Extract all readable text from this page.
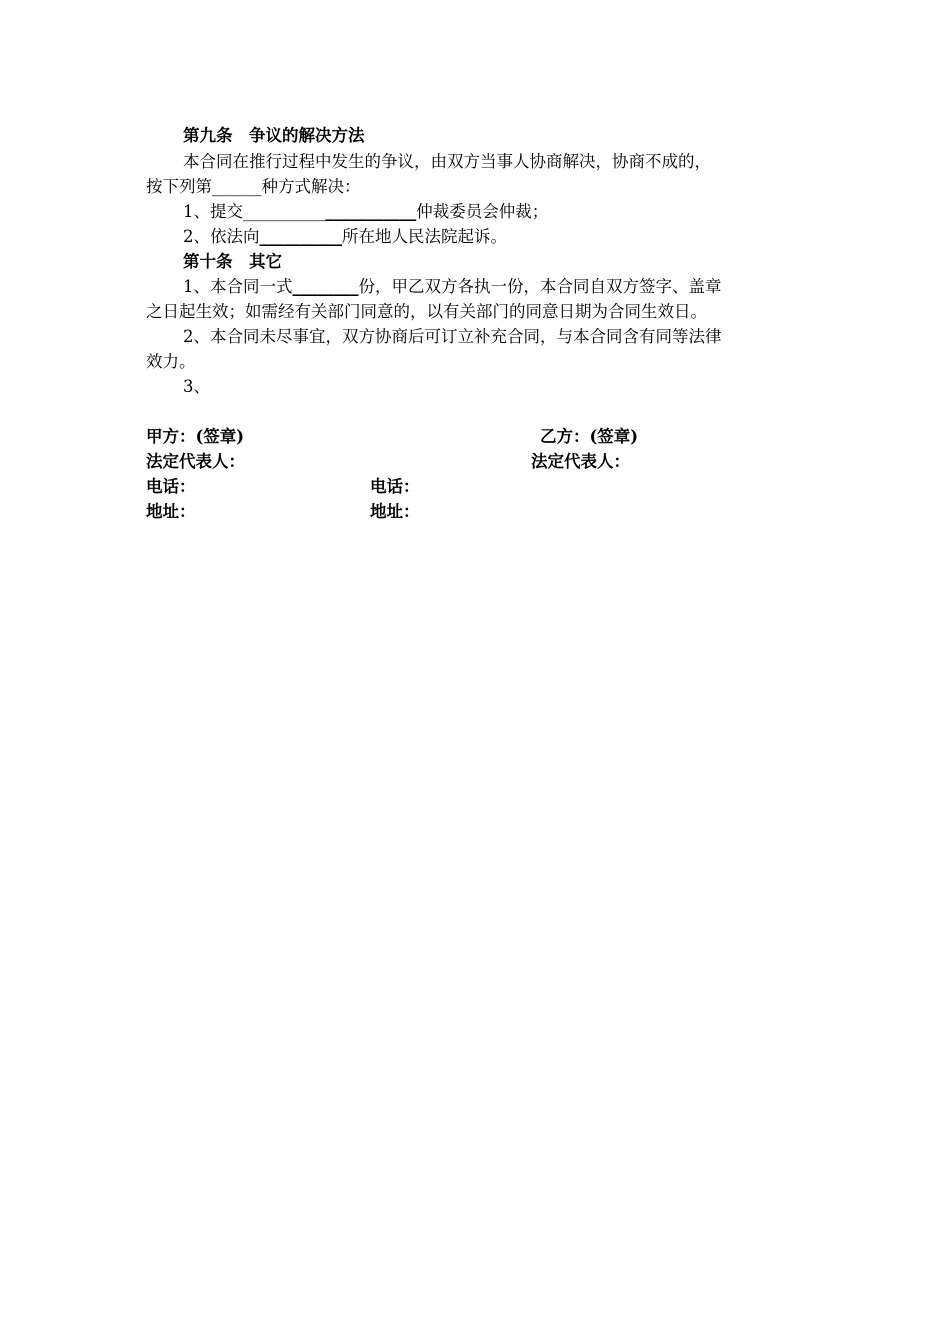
第九条　争议的解决方法
本合同在推行过程中发生的争议，由双方当事人协商解决，协商不成的，
按下列第______种方式解决：
1、提交_____________________仲裁委员会仲裁；
2、依法向__________所在地人民法院起诉。
第十条　其它
1、本合同一式________份，甲乙双方各执一份，本合同自双方签字、盖章
之日起生效；如需经有关部门同意的，以有关部门的同意日期为合同生效日。
2、本合同未尽事宜，双方协商后可订立补充合同，与本合同含有同等法律
效力。
3、
甲方：(签章)	乙方：(签章)
法定代表人：	法定代表人：
电话：	电话：
地址：	地址：
